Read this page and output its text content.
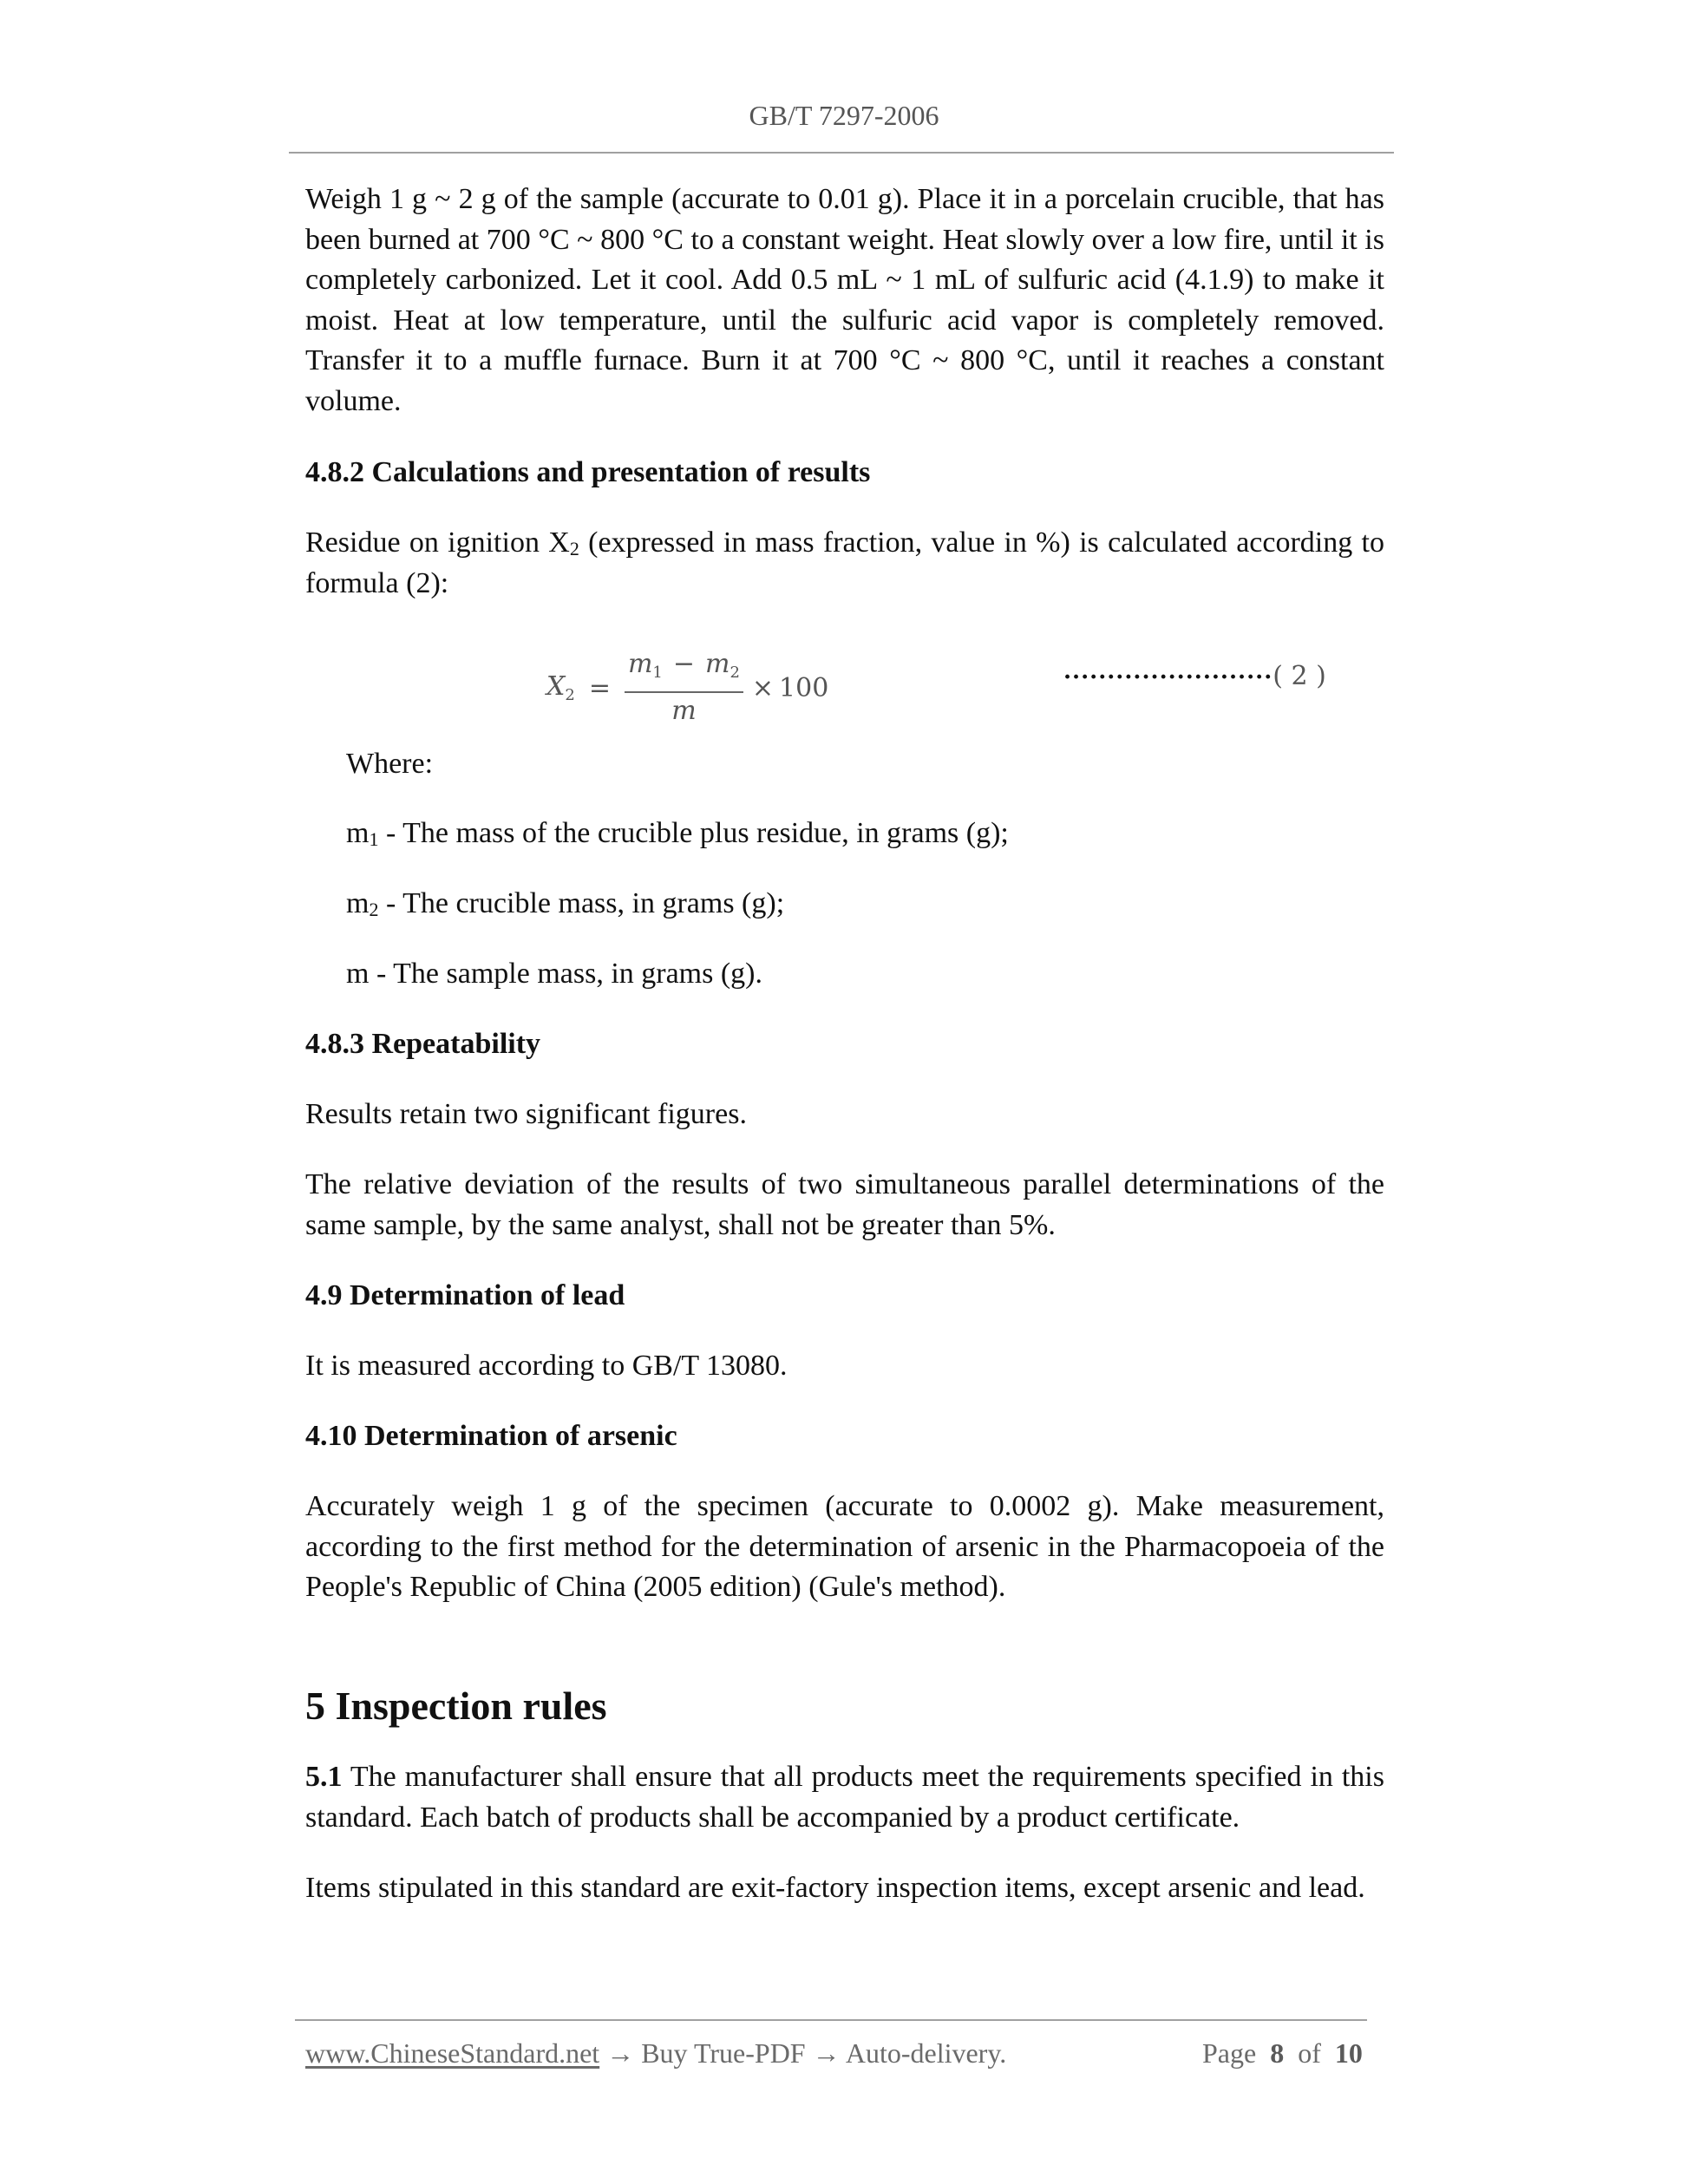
GB/T 7297-2006

Weigh 1 g ~ 2 g of the sample (accurate to 0.01 g). Place it in a porcelain crucible, that has been burned at 700 °C ~ 800 °C to a constant weight. Heat slowly over a low fire, until it is completely carbonized. Let it cool. Add 0.5 mL ~ 1 mL of sulfuric acid (4.1.9) to make it moist. Heat at low temperature, until the sulfuric acid vapor is completely removed. Transfer it to a muffle furnace. Burn it at 700 °C ~ 800 °C, until it reaches a constant volume.

4.8.2 Calculations and presentation of results

Residue on ignition $X_2$ (expressed in mass fraction, value in %) is calculated according to formula (2):

$X_2 = \frac{m_1 - m_2}{m} \times 100$	························( 2 )
Where:
$m_1$ - The mass of the crucible plus residue, in grams (g);
$m_2$ - The crucible mass, in grams (g);
m - The sample mass, in grams (g).
4.8.3 Repeatability
Results retain two significant figures.

The relative deviation of the results of two simultaneous parallel determinations of the same sample, by the same analyst, shall not be greater than 5%.

4.9 Determination of lead
It is measured according to GB/T 13080.
4.10 Determination of arsenic

Accurately weigh 1 g of the specimen (accurate to 0.0002 g). Make measurement, according to the first method for the determination of arsenic in the Pharmacopoeia of the People's Republic of China (2005 edition) (Gule's method).

5 Inspection rules

5.1 The manufacturer shall ensure that all products meet the requirements specified in this standard. Each batch of products shall be accompanied by a product certificate.

Items stipulated in this standard are exit-factory inspection items, except arsenic and lead.

www.ChineseStandard.net → Buy True-PDF → Auto-delivery.	Page 8 of 10
